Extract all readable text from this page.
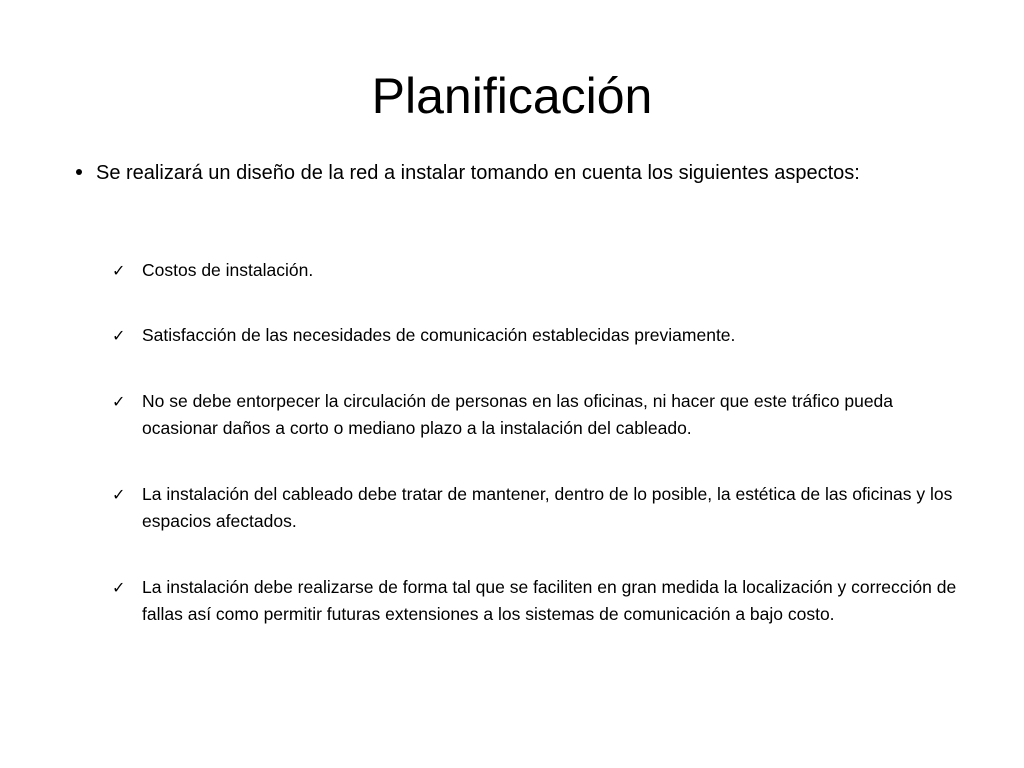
Planificación
Se realizará un diseño de la red a instalar tomando en cuenta los siguientes aspectos:
✓ Costos de instalación.
✓ Satisfacción de las necesidades de comunicación establecidas previamente.
✓ No se debe entorpecer la circulación de personas en las oficinas, ni hacer que este tráfico pueda ocasionar daños a corto o mediano plazo a la instalación del cableado.
✓ La instalación del cableado debe tratar de mantener, dentro de lo posible, la estética de las oficinas y los espacios afectados.
✓ La instalación debe realizarse de forma tal que se faciliten en gran medida la localización y corrección de fallas así como permitir futuras extensiones a los sistemas de comunicación a bajo costo.
